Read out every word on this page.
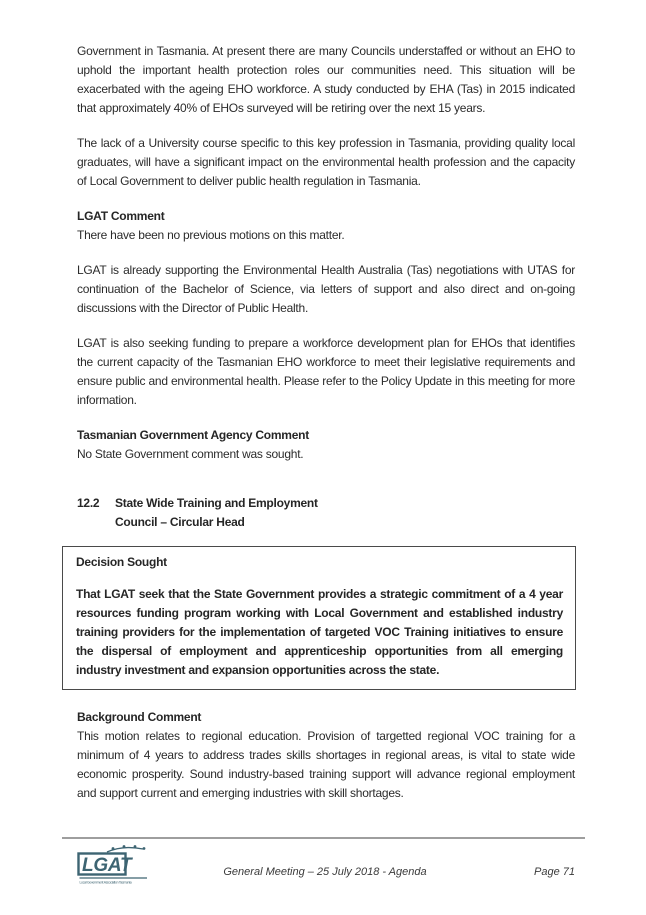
Government in Tasmania. At present there are many Councils understaffed or without an EHO to uphold the important health protection roles our communities need. This situation will be exacerbated with the ageing EHO workforce. A study conducted by EHA (Tas) in 2015 indicated that approximately 40% of EHOs surveyed will be retiring over the next 15 years.

The lack of a University course specific to this key profession in Tasmania, providing quality local graduates, will have a significant impact on the environmental health profession and the capacity of Local Government to deliver public health regulation in Tasmania.

LGAT Comment

There have been no previous motions on this matter.

LGAT is already supporting the Environmental Health Australia (Tas) negotiations with UTAS for continuation of the Bachelor of Science, via letters of support and also direct and on-going discussions with the Director of Public Health.

LGAT is also seeking funding to prepare a workforce development plan for EHOs that identifies the current capacity of the Tasmanian EHO workforce to meet their legislative requirements and ensure public and environmental health. Please refer to the Policy Update in this meeting for more information.

Tasmanian Government Agency Comment

No State Government comment was sought.

12.2	State Wide Training and Employment
Council – Circular Head

Decision Sought

That LGAT seek that the State Government provides a strategic commitment of a 4 year resources funding program working with Local Government and established industry training providers for the implementation of targeted VOC Training initiatives to ensure the dispersal of employment and apprenticeship opportunities from all emerging industry investment and expansion opportunities across the state.

Background Comment

This motion relates to regional education. Provision of targetted regional VOC training for a minimum of 4 years to address trades skills shortages in regional areas, is vital to state wide economic prosperity. Sound industry-based training support will advance regional employment and support current and emerging industries with skill shortages.

LGAT
Local Government Association Tasmania
General Meeting – 25 July 2018 - Agenda	Page 71
